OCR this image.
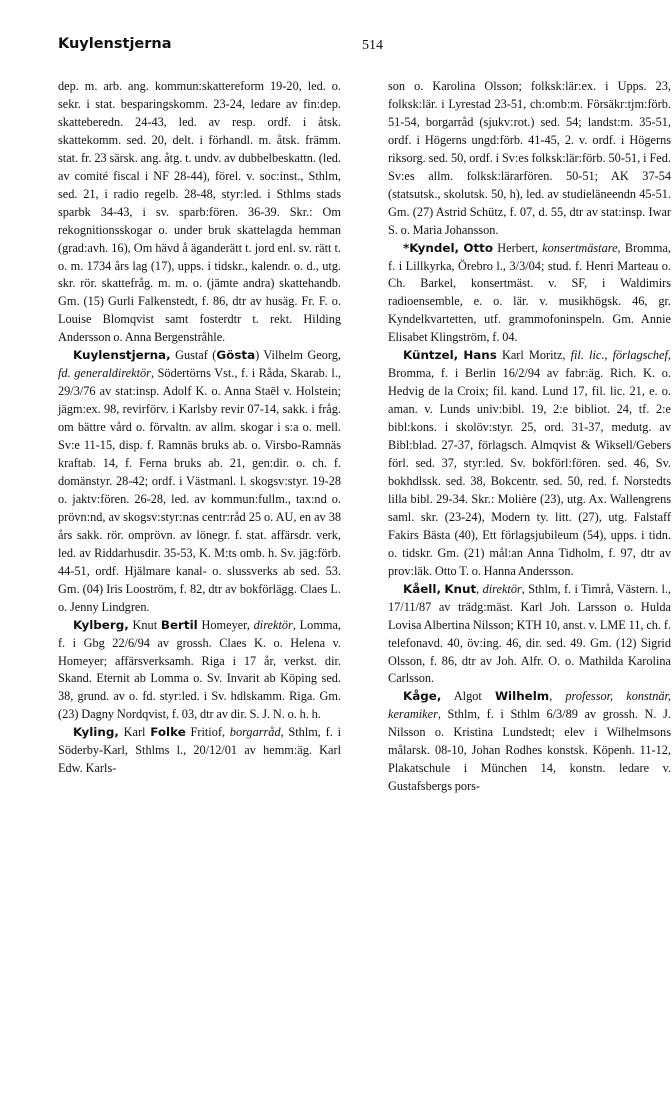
Kuylenstjerna	514

dep. m. arb. ang. kommun:skattereform 19-20, led. o. sekr. i stat. besparingskomm. 23-24, ledare av fin:dep. skatteberedn. 24-43, led. av resp. ordf. i åtsk. skattekomm. sed. 20, delt. i förhandl. m. åtsk. främm. stat. fr. 23 särsk. ang. åtg. t. undv. av dubbelbeskattn. (led. av comité fiscal i NF 28-44), förel. v. soc:inst., Sthlm, sed. 21, i radio regelb. 28-48, styr:led. i Sthlms stads sparbk 34-43, i sv. sparb:fören. 36-39. Skr.: Om rekognitionsskogar o. under bruk skattelagda hemman (grad:avh. 16), Om hävd å äganderätt t. jord enl. sv. rätt t. o. m. 1734 års lag (17), upps. i tidskr., kalendr. o. d., utg. skr. rör. skattefråg. m. m. o. (jämte andra) skattehandb. Gm. (15) Gurli Falkenstedt, f. 86, dtr av husäg. Fr. F. o. Louise Blomqvist samt fosterdtr t. rekt. Hilding Andersson o. Anna Bergenstråhle.

Kuylenstjerna, Gustaf (Gösta) Vilhelm Georg, fd. generaldirektör, Södertörns Vst., f. i Råda, Skarab. l., 29/3/76 av stat:insp. Adolf K. o. Anna Staël v. Holstein; jägm:ex. 98, revirförv. i Karlsby revir 07-14, sakk. i fråg. om bättre vård o. förvaltn. av allm. skogar i s:a o. mell. Sv:e 11-15, disp. f. Ramnäs bruks ab. o. Virsbo-Ramnäs kraftab. 14, f. Ferna bruks ab. 21, gen:dir. o. ch. f. domänstyr. 28-42; ordf. i Västmanl. l. skogsv:styr. 19-28 o. jaktv:fören. 26-28, led. av kommun:fullm., tax:nd o. prövn:nd, av skogsv:styr:nas centr:råd 25 o. AU, en av 38 års sakk. rör. omprövn. av lönegr. f. stat. affärsdr. verk, led. av Riddarhusdir. 35-53, K. M:ts omb. h. Sv. jäg:förb. 44-51, ordf. Hjälmare kanal- o. slussverks ab sed. 53. Gm. (04) Iris Looström, f. 82, dtr av bokförlägg. Claes L. o. Jenny Lindgren.

Kylberg, Knut Bertil Homeyer, direktör, Lomma, f. i Gbg 22/6/94 av grossh. Claes K. o. Helena v. Homeyer; affärsverksamh. Riga i 17 år, verkst. dir. Skand. Eternit ab Lomma o. Sv. Invarit ab Köping sed. 38, grund. av o. fd. styr:led. i Sv. hdlskamm. Riga. Gm. (23) Dagny Nordqvist, f. 03, dtr av dir. S. J. N. o. h. h.

Kyling, Karl Folke Fritiof, borgarråd, Sthlm, f. i Söderby-Karl, Sthlms l., 20/12/01 av hemm:äg. Karl Edw. Karls-

son o. Karolina Olsson; folksk:lär:ex. i Upps. 23, folksk:lär. i Lyrestad 23-51, ch:omb:m. Försäkr:tjm:förb. 51-54, borgarråd (sjukv:rot.) sed. 54; landst:m. 35-51, ordf. i Högerns ungd:förb. 41-45, 2. v. ordf. i Högerns riksorg. sed. 50, ordf. i Sv:es folksk:lär:förb. 50-51, i Fed. Sv:es allm. folksk:lärarfören. 50-51; AK 37-54 (statsutsk., skolutsk. 50, h), led. av studieläneendn 45-51. Gm. (27) Astrid Schütz, f. 07, d. 55, dtr av stat:insp. Iwar S. o. Maria Johansson.

*Kyndel, Otto Herbert, konsertmästare, Bromma, f. i Lillkyrka, Örebro l., 3/3/04; stud. f. Henri Marteau o. Ch. Barkel, konsertmäst. v. SF, i Waldimirs radioensemble, e. o. lär. v. musikhögsk. 46, gr. Kyndelkvartetten, utf. grammofoninspeln. Gm. Annie Elisabet Klingström, f. 04.

Küntzel, Hans Karl Moritz, fil. lic., förlagschef, Bromma, f. i Berlin 16/2/94 av fabr:äg. Rich. K. o. Hedvig de la Croix; fil. kand. Lund 17, fil. lic. 21, e. o. aman. v. Lunds univ:bibl. 19, 2:e bibliot. 24, tf. 2:e bibl:kons. i skolöv:styr. 25, ord. 31-37, medutg. av Bibl:blad. 27-37, förlagsch. Almqvist & Wiksell/Gebers förl. sed. 37, styr:led. Sv. bokförl:fören. sed. 46, Sv. bokhdlssk. sed. 38, Bokcentr. sed. 50, red. f. Norstedts lilla bibl. 29-34. Skr.: Molière (23), utg. Ax. Wallengrens saml. skr. (23-24), Modern ty. litt. (27), utg. Falstaff Fakirs Bästa (40), Ett förlagsjubileum (54), upps. i tidn. o. tidskr. Gm. (21) mål:an Anna Tidholm, f. 97, dtr av prov:läk. Otto T. o. Hanna Andersson.

Kåell, Knut, direktör, Sthlm, f. i Timrå, Västern. l., 17/11/87 av trädg:mäst. Karl Joh. Larsson o. Hulda Lovisa Albertina Nilsson; KTH 10, anst. v. LME 11, ch. f. telefonavd. 40, öv:ing. 46, dir. sed. 49. Gm. (12) Sigrid Olsson, f. 86, dtr av Joh. Alfr. O. o. Mathilda Karolina Carlsson.

Kåge, Algot Wilhelm, professor, konstnär, keramiker, Sthlm, f. i Sthlm 6/3/89 av grossh. N. J. Nilsson o. Kristina Lundstedt; elev i Wilhelmsons målarsk. 08-10, Johan Rodhes konstsk. Köpenh. 11-12, Plakatschule i München 14, konstn. ledare v. Gustafsbergs pors-
